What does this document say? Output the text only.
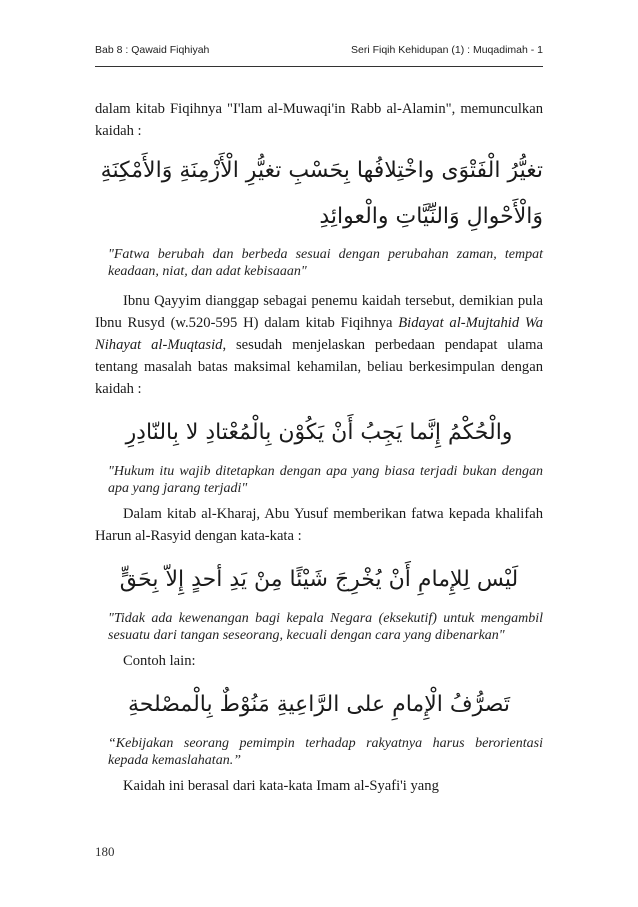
Bab 8 : Qawaid Fiqhiyah	Seri Fiqih Kehidupan (1) : Muqadimah - 1

dalam kitab Fiqihnya "I'lam al-Muwaqi'in Rabb al-Alamin", memunculkan kaidah :

تغيُّرُ الْفَتْوَى واخْتِلافُها بِحَسْبِ تغيُّرِ الْأَزْمِنَةِ وَالأَمْكِنَةِ وَالْأَحْوالِ وَالنِّيَّاتِ والْعوائِدِ

"Fatwa berubah dan berbeda sesuai dengan perubahan zaman, tempat keadaan, niat, dan adat kebisaaan"

Ibnu Qayyim dianggap sebagai penemu kaidah tersebut, demikian pula Ibnu Rusyd (w.520-595 H) dalam kitab Fiqihnya Bidayat al-Mujtahid Wa Nihayat al-Muqtasid, sesudah menjelaskan perbedaan pendapat ulama tentang masalah batas maksimal kehamilan, beliau berkesimpulan dengan kaidah :

والْحُكْمُ إِنَّما يَجِبُ أَنْ يَكُوْن بِالْمُعْتادِ لا بِالنّادِرِ

"Hukum itu wajib ditetapkan dengan apa yang biasa terjadi bukan dengan apa yang jarang terjadi"

Dalam kitab al-Kharaj, Abu Yusuf memberikan fatwa kepada khalifah Harun al-Rasyid dengan kata-kata :

لَيْس لِلإِمامِ أَنْ يُخْرِجَ شَيْئًا مِنْ يَدِ أحدٍ إِلاّ بِحَقٍّ

"Tidak ada kewenangan bagi kepala Negara (eksekutif) untuk mengambil sesuatu dari tangan seseorang, kecuali dengan cara yang dibenarkan"

Contoh lain:

تَصرُّفُ الْإِمامِ على الرَّاعِيةِ مَنُوْطٌ بِالْمصْلحةِ

“Kebijakan seorang pemimpin terhadap rakyatnya harus berorientasi kepada kemaslahatan.”

Kaidah ini berasal dari kata-kata Imam al-Syafi'i yang

180
